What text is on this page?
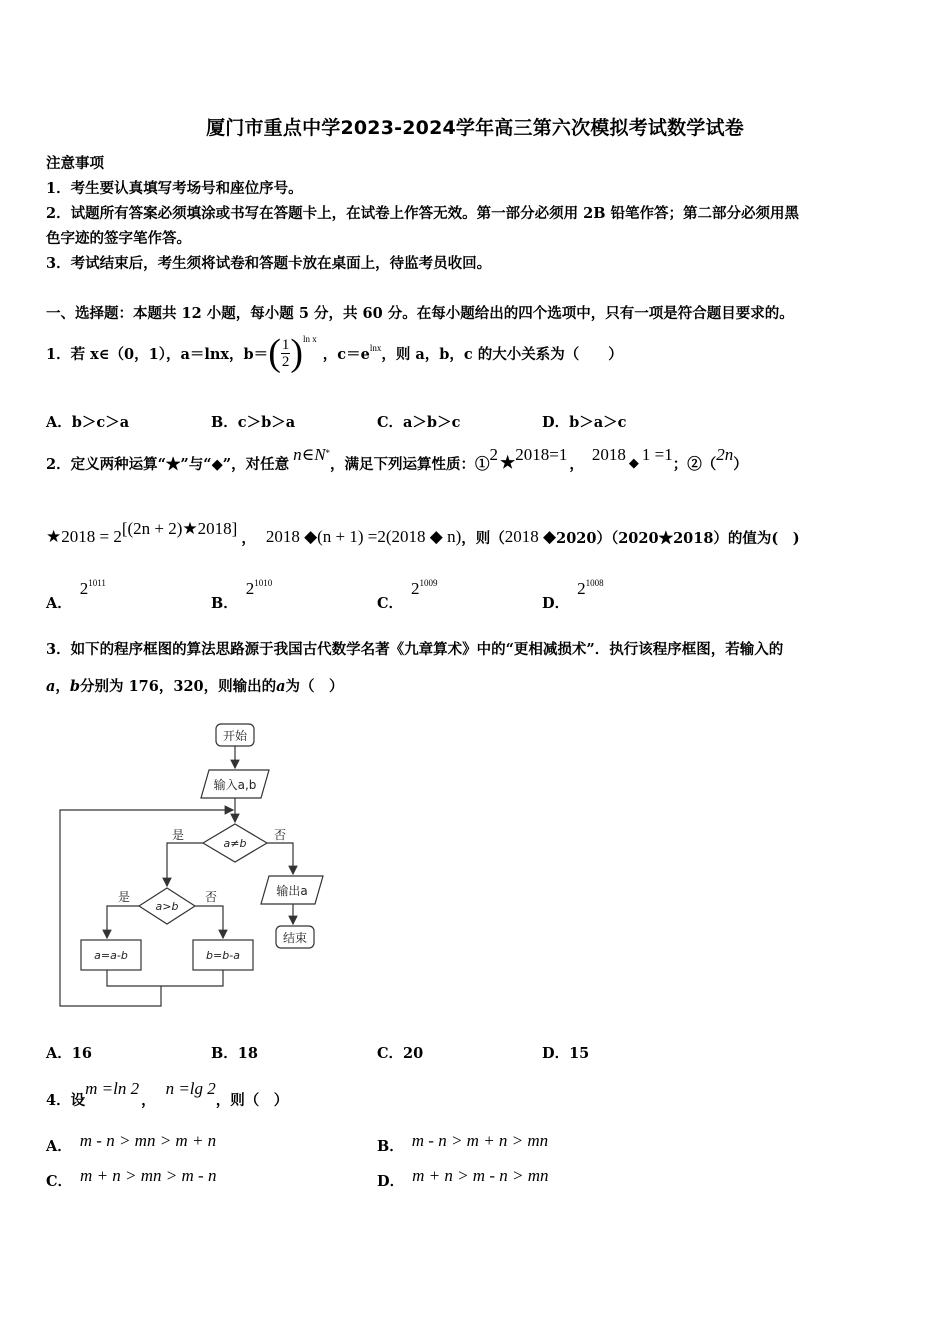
厦门市重点中学2023-2024学年高三第六次模拟考试数学试卷
注意事项
1．考生要认真填写考场号和座位序号。
2．试题所有答案必须填涂或书写在答题卡上，在试卷上作答无效。第一部分必须用 2B 铅笔作答；第二部分必须用黑
色字迹的签字笔作答。
3．考试结束后，考生须将试卷和答题卡放在桌面上，待监考员收回。
一、选择题：本题共 12 小题，每小题 5 分，共 60 分。在每小题给出的四个选项中，只有一项是符合题目要求的。
1．若 x∈（0，1），a＝lnx，b＝ ( $\frac{1}{2}$ ) ln x
，c＝e lnx ，则 a，b，c 的大小关系为（　　）
A．b＞c＞a	B．c＞b＞a	C．a＞b＞c	D．b＞a＞c
2．定义两种运算“★”与“◆”，对任意 n∈N *
，满足下列运算性质：① 2 ★ 2018=1 ， 2018 ◆ 1 =1 ；②（ 2n ）
★2018 = 2 [(2n + 2)★2018] ， 2018 ◆(n + 1) =2(2018 ◆ n) ，则（ 2018 ◆ 2020）（2020★2018）的值为(　)
A．$2^{1011}$
B．$2^{1010}$
C．$2^{1009}$
D．$2^{1008}$
3．如下的程序框图的算法思路源于我国古代数学名著《九章算术》中的“更相减损术”．执行该程序框图，若输入的
a，b分别为 176，320，则输出的a为（　）
开始
输入a,b
a≠b
是	否
输出a
结束
a>b
是	否
a=a-b	b=b-a
A．16	B．18	C．20	D．15
4．设
m =ln 2
，
n =lg 2
，则（　）
A． m - n > mn > m + n	B． m - n > m + n > mn
C． m + n > mn > m - n	D． m + n > m - n > mn
